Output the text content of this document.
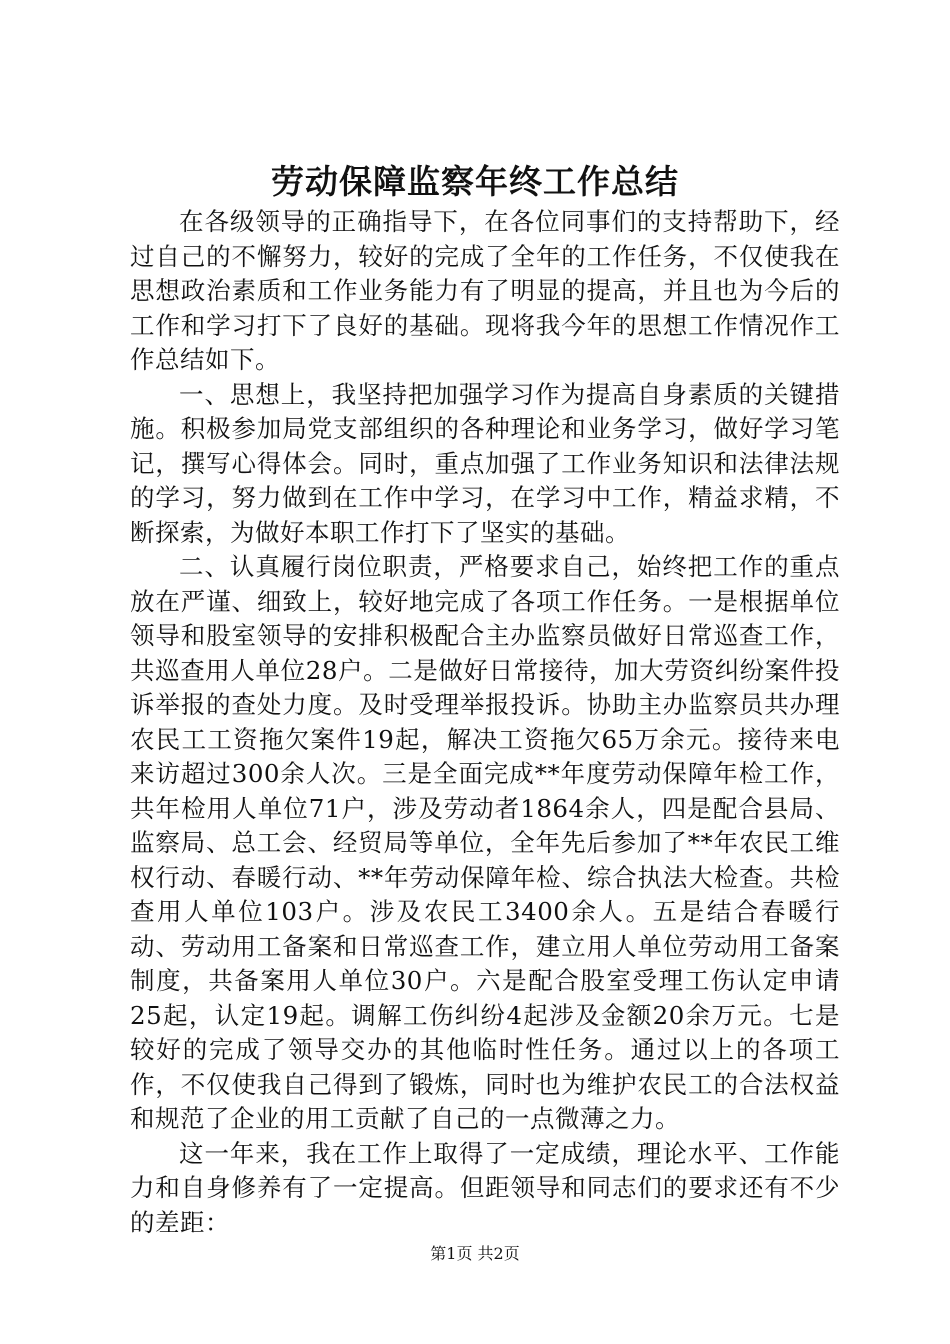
劳动保障监察年终工作总结

在各级领导的正确指导下，在各位同事们的支持帮助下，经过自己的不懈努力，较好的完成了全年的工作任务，不仅使我在思想政治素质和工作业务能力有了明显的提高，并且也为今后的工作和学习打下了良好的基础。现将我今年的思想工作情况作工作总结如下。

一、思想上，我坚持把加强学习作为提高自身素质的关键措施。积极参加局党支部组织的各种理论和业务学习，做好学习笔记，撰写心得体会。同时，重点加强了工作业务知识和法律法规的学习，努力做到在工作中学习，在学习中工作，精益求精，不断探索，为做好本职工作打下了坚实的基础。

二、认真履行岗位职责，严格要求自己，始终把工作的重点放在严谨、细致上，较好地完成了各项工作任务。一是根据单位领导和股室领导的安排积极配合主办监察员做好日常巡查工作，共巡查用人单位28户。二是做好日常接待，加大劳资纠纷案件投诉举报的查处力度。及时受理举报投诉。协助主办监察员共办理农民工工资拖欠案件19起，解决工资拖欠65万余元。接待来电来访超过300余人次。三是全面完成**年度劳动保障年检工作，共年检用人单位71户，涉及劳动者1864余人，四是配合县局、监察局、总工会、经贸局等单位，全年先后参加了**年农民工维权行动、春暖行动、**年劳动保障年检、综合执法大检查。共检查用人单位103户。涉及农民工3400余人。五是结合春暖行动、劳动用工备案和日常巡查工作，建立用人单位劳动用工备案制度，共备案用人单位30户。六是配合股室受理工伤认定申请25起，认定19起。调解工伤纠纷4起涉及金额20余万元。七是较好的完成了领导交办的其他临时性任务。通过以上的各项工作，不仅使我自己得到了锻炼，同时也为维护农民工的合法权益和规范了企业的用工贡献了自己的一点微薄之力。

这一年来，我在工作上取得了一定成绩，理论水平、工作能力和自身修养有了一定提高。但距领导和同志们的要求还有不少的差距：

第1页 共2页
